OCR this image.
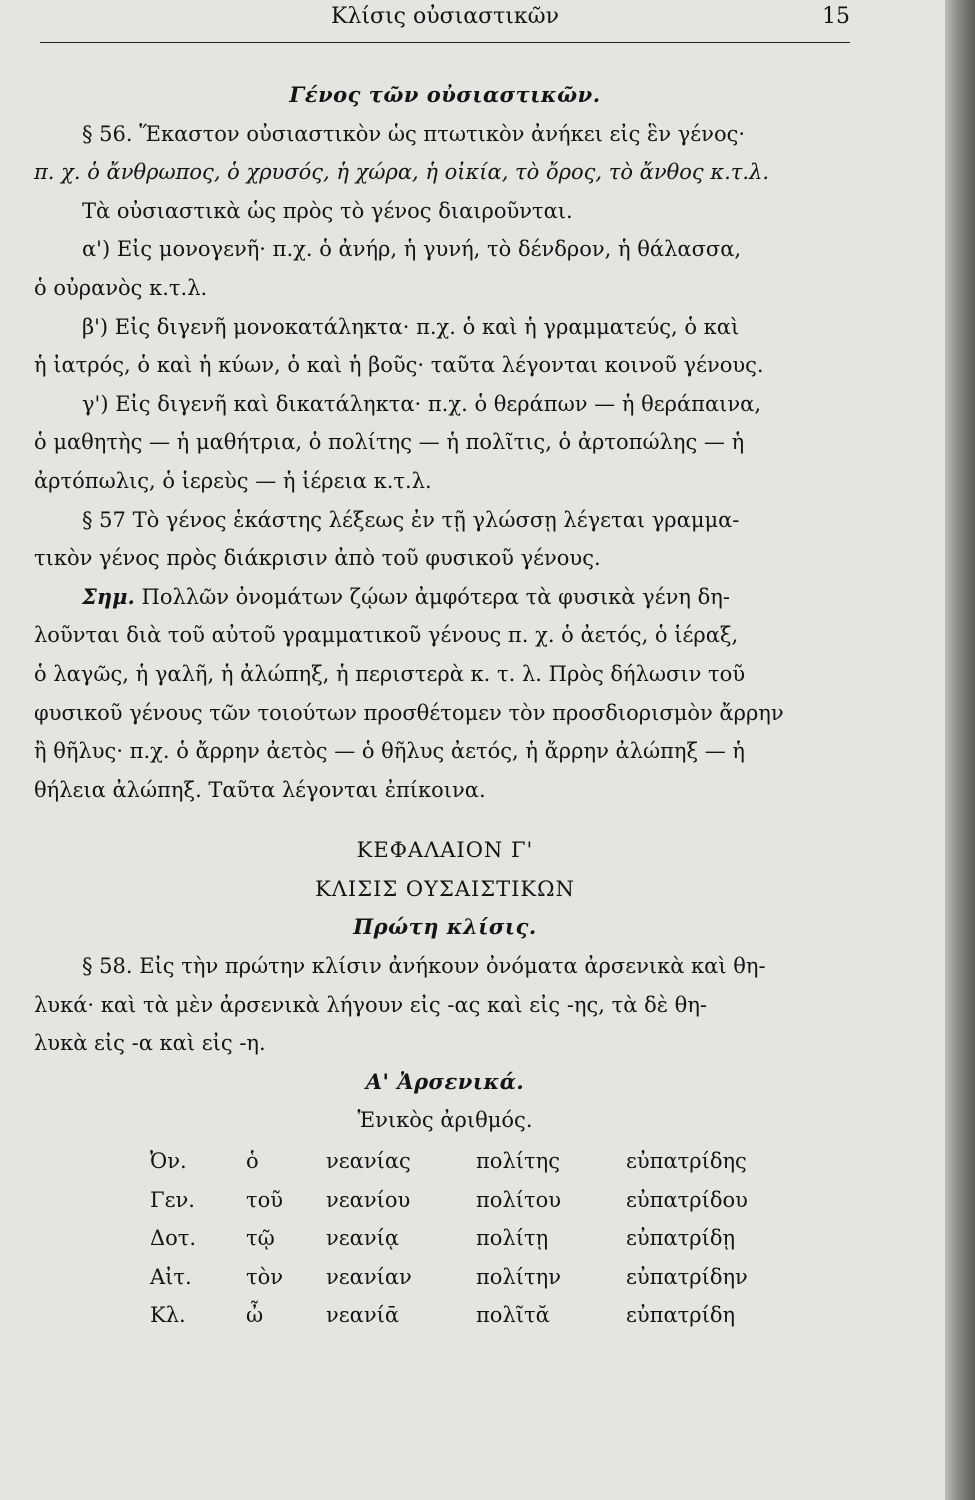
Κλίσις οὐσιαστικῶν	15

Γένος τῶν οὐσιαστικῶν.

§ 56. Ἕκαστον οὐσιαστικὸν ὡς πτωτικὸν ἀνήκει εἰς ἓν γένος·

π. χ. ὁ ἄνθρωπος, ὁ χρυσός, ἡ χώρα, ἡ οἰκία, τὸ ὄρος, τὸ ἄνθος κ.τ.λ.

Τὰ οὐσιαστικὰ ὡς πρὸς τὸ γένος διαιροῦνται.

α') Εἰς μονογενῆ· π.χ. ὁ ἀνήρ, ἡ γυνή, τὸ δένδρον, ἡ θάλασσα,

ὁ οὐρανὸς κ.τ.λ.

β') Εἰς διγενῆ μονοκατάληκτα· π.χ. ὁ καὶ ἡ γραμματεύς, ὁ καὶ

ἡ ἰατρός, ὁ καὶ ἡ κύων, ὁ καὶ ἡ βοῦς· ταῦτα λέγονται κοινοῦ γένους.

γ') Εἰς διγενῆ καὶ δικατάληκτα· π.χ. ὁ θεράπων — ἡ θεράπαινα,

ὁ μαθητὴς — ἡ μαθήτρια, ὁ πολίτης — ἡ πολῖτις, ὁ ἀρτοπώλης — ἡ

ἀρτόπωλις, ὁ ἱερεὺς — ἡ ἱέρεια κ.τ.λ.

§ 57 Τὸ γένος ἑκάστης λέξεως ἐν τῇ γλώσσῃ λέγεται γραμμα-

τικὸν γένος πρὸς διάκρισιν ἀπὸ τοῦ φυσικοῦ γένους.

Σημ. Πολλῶν ὀνομάτων ζῴων ἀμφότερα τὰ φυσικὰ γένη δη-

λοῦνται διὰ τοῦ αὐτοῦ γραμματικοῦ γένους π. χ. ὁ ἀετός, ὁ ἱέραξ,

ὁ λαγῶς, ἡ γαλῆ, ἡ ἀλώπηξ, ἡ περιστερὰ κ. τ. λ. Πρὸς δήλωσιν τοῦ

φυσικοῦ γένους τῶν τοιούτων προσθέτομεν τὸν προσδιορισμὸν ἄρρην

ἢ θῆλυς· π.χ. ὁ ἄρρην ἀετὸς — ὁ θῆλυς ἀετός, ἡ ἄρρην ἀλώπηξ — ἡ

θήλεια ἀλώπηξ. Ταῦτα λέγονται ἐπίκοινα.

ΚΕΦΑΛΑΙΟΝ Γ'

ΚΛΙΣΙΣ ΟΥΣΑΙΣΤΙΚΩΝ

Πρώτη κλίσις.

§ 58. Εἰς τὴν πρώτην κλίσιν ἀνήκουν ὀνόματα ἀρσενικὰ καὶ θη-

λυκά· καὶ τὰ μὲν ἀρσενικὰ λήγουν εἰς -ας καὶ εἰς -ης, τὰ δὲ θη-

λυκὰ εἰς -α καὶ εἰς -η.

Α' Ἀρσενικά.

Ἑνικὸς ἀριθμός.

Ὀν.	ὁ	νεανίας	πολίτης	εὐπατρίδης
Γεν.	τοῦ	νεανίου	πολίτου	εὐπατρίδου
Δοτ.	τῷ	νεανίᾳ	πολίτῃ	εὐπατρίδῃ
Αἰτ.	τὸν	νεανίαν	πολίτην	εὐπατρίδην
Κλ.	ὦ	νεανίᾱ	πολῖτᾰ	εὐπατρίδη
